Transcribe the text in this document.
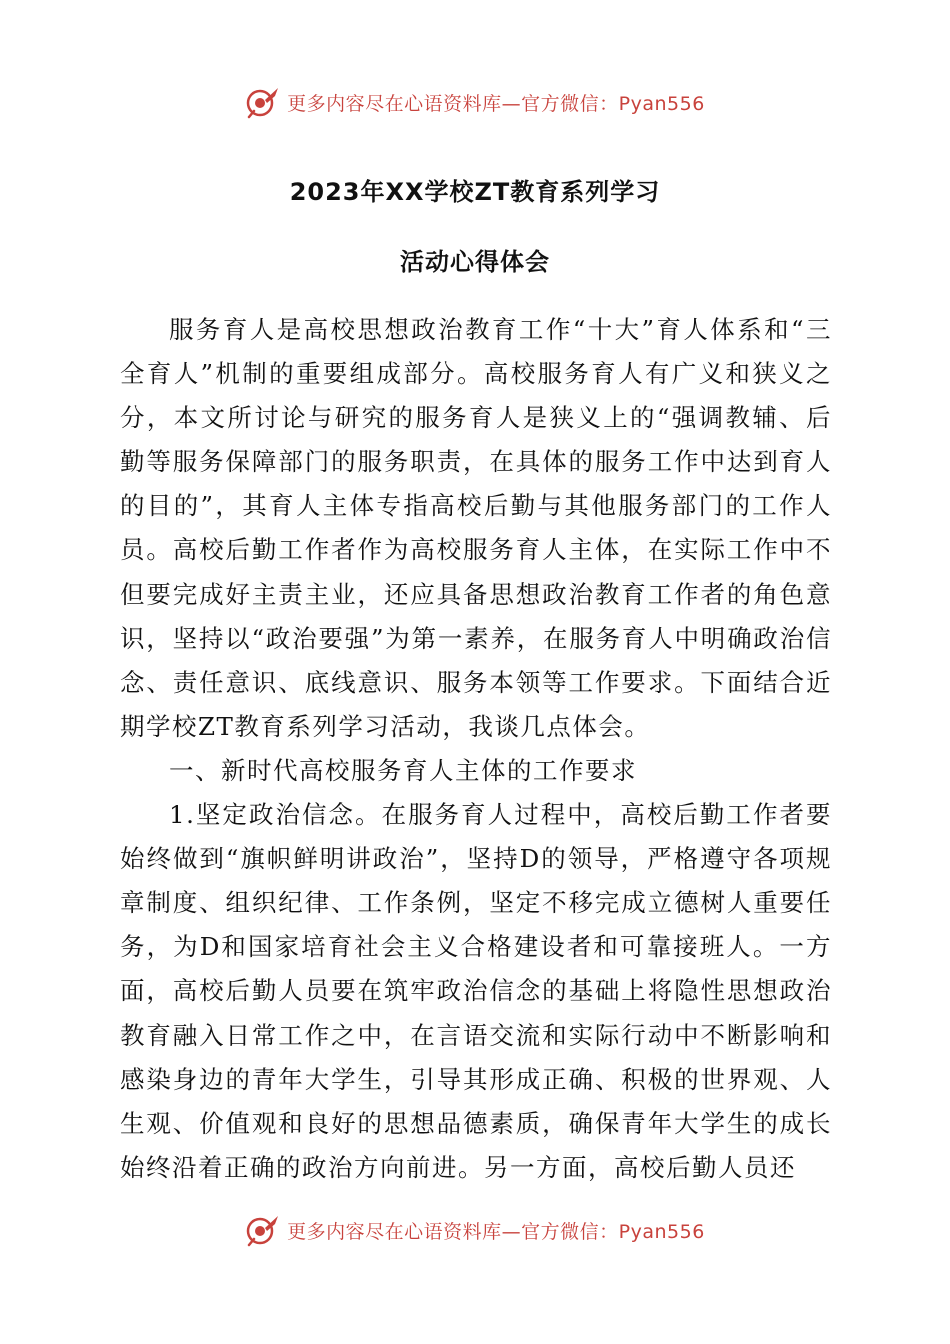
更多内容尽在心语资料库—官方微信：Pyan556
2023年XX学校ZT教育系列学习
活动心得体会

服务育人是高校思想政治教育工作“十大”育人体系和“三全育人”机制的重要组成部分。高校服务育人有广义和狭义之分，本文所讨论与研究的服务育人是狭义上的“强调教辅、后勤等服务保障部门的服务职责，在具体的服务工作中达到育人的目的”，其育人主体专指高校后勤与其他服务部门的工作人员。高校后勤工作者作为高校服务育人主体，在实际工作中不但要完成好主责主业，还应具备思想政治教育工作者的角色意识，坚持以“政治要强”为第一素养，在服务育人中明确政治信念、责任意识、底线意识、服务本领等工作要求。下面结合近期学校ZT教育系列学习活动，我谈几点体会。

一、新时代高校服务育人主体的工作要求

1.坚定政治信念。在服务育人过程中，高校后勤工作者要始终做到“旗帜鲜明讲政治”，坚持D的领导，严格遵守各项规章制度、组织纪律、工作条例，坚定不移完成立德树人重要任务，为D和国家培育社会主义合格建设者和可靠接班人。一方面，高校后勤人员要在筑牢政治信念的基础上将隐性思想政治教育融入日常工作之中，在言语交流和实际行动中不断影响和感染身边的青年大学生，引导其形成正确、积极的世界观、人生观、价值观和良好的思想品德素质，确保青年大学生的成长始终沿着正确的政治方向前进。另一方面，高校后勤人员还

更多内容尽在心语资料库—官方微信：Pyan556
